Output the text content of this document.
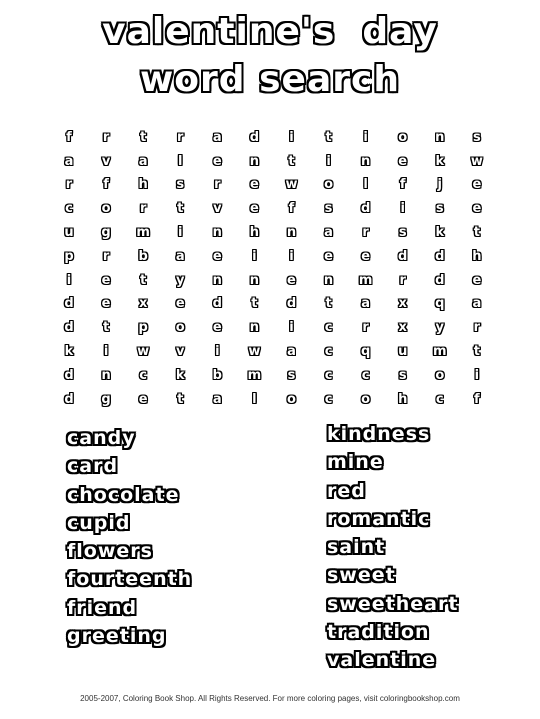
valentine's  day
word search
f	r	t	r	a	d	i	t	i	o	n	s
a	v	a	l	e	n	t	i	n	e	k	w
r	f	h	s	r	e	w	o	l	f	j	e
c	o	r	t	v	e	f	s	d	i	s	e
u	g	m	i	n	h	n	a	r	s	k	t
p	r	b	a	e	i	i	e	e	d	d	h
i	e	t	y	n	n	e	n	m	r	d	e
d	e	x	e	d	t	d	t	a	x	q	a
d	t	p	o	e	n	i	c	r	x	y	r
k	i	w	v	i	w	a	c	q	u	m	t
d	n	c	k	b	m	s	c	c	s	o	i
d	g	e	t	a	l	o	c	o	h	c	f
candy
card
chocolate
cupid
flowers
fourteenth
friend
greeting
kindness
mine
red
romantic
saint
sweet
sweetheart
tradition
valentine
2005-2007, Coloring Book Shop. All Rights Reserved. For more coloring pages, visit coloringbookshop.com
